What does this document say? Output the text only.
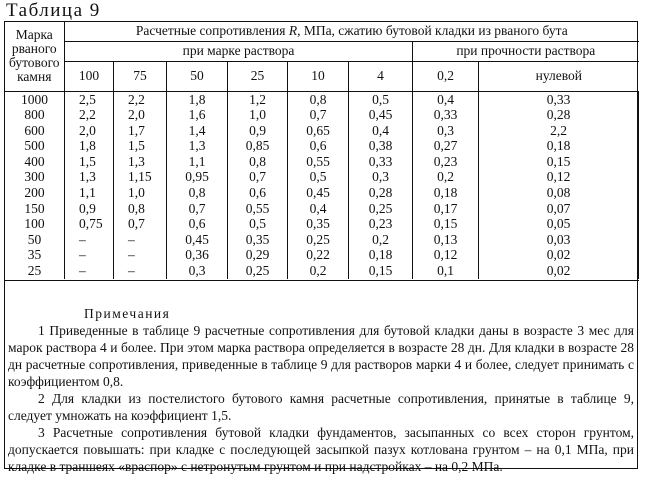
Таблица 9
Марка рваного бутового камня	Расчетные сопротивления R, МПа, сжатию бутовой кладки из рваного бута							
	при марке раствора						при прочности раствора	
	100	75	50	25	10	4	0,2	нулевой
1000	2,5	2,2	1,8	1,2	0,8	0,5	0,4	0,33
800	2,2	2,0	1,6	1,0	0,7	0,45	0,33	0,28
600	2,0	1,7	1,4	0,9	0,65	0,4	0,3	2,2
500	1,8	1,5	1,3	0,85	0,6	0,38	0,27	0,18
400	1,5	1,3	1,1	0,8	0,55	0,33	0,23	0,15
300	1,3	1,15	0,95	0,7	0,5	0,3	0,2	0,12
200	1,1	1,0	0,8	0,6	0,45	0,28	0,18	0,08
150	0,9	0,8	0,7	0,55	0,4	0,25	0,17	0,07
100	0,75	0,7	0,6	0,5	0,35	0,23	0,15	0,05
50	–	–	0,45	0,35	0,25	0,2	0,13	0,03
35	–	–	0,36	0,29	0,22	0,18	0,12	0,02
25	–	–	0,3	0,25	0,2	0,15	0,1	0,02

Примечания

1 Приведенные в таблице 9 расчетные сопротивления для бутовой кладки даны в возрасте 3 мес для марок раствора 4 и более. При этом марка раствора определяется в возрасте 28 дн. Для кладки в возрасте 28 дн расчетные сопротивления, приведенные в таблице 9 для растворов марки 4 и более, следует принимать с коэффициентом 0,8.

2 Для кладки из постелистого бутового камня расчетные сопротивления, принятые в таблице 9, следует умножать на коэффициент 1,5.

3 Расчетные сопротивления бутовой кладки фундаментов, засыпанных со всех сторон грунтом, допускается повышать: при кладке с последующей засыпкой пазух котлована грунтом – на 0,1 МПа, при кладке в траншеях «враспор» с нетронутым грунтом и при надстройках – на 0,2 МПа.
